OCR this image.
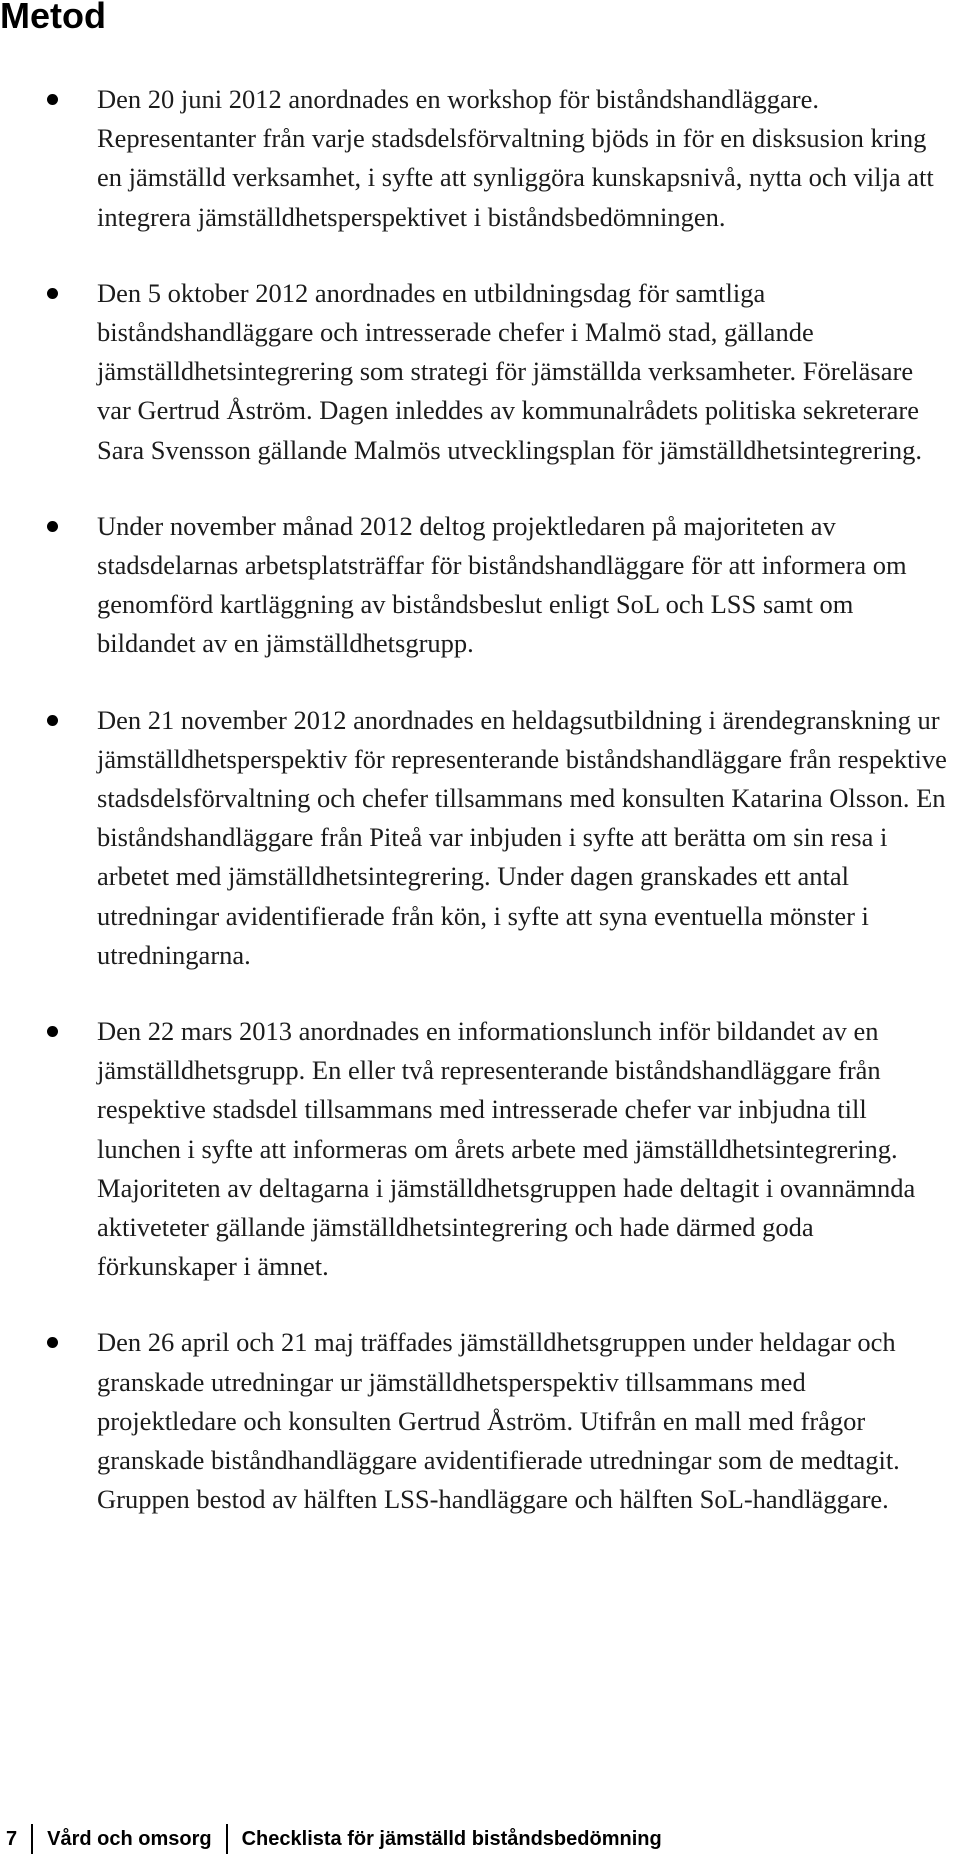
Metod
Den 20 juni 2012 anordnades en workshop för biståndshandläggare. Representanter från varje stadsdelsförvaltning bjöds in för en disksusion kring en jämställd verksamhet, i syfte att synliggöra kunskapsnivå, nytta och vilja att integrera jämställdhetsperspektivet i biståndsbedömningen.
Den 5 oktober 2012 anordnades en utbildningsdag för samtliga biståndshandläggare och intresserade chefer i Malmö stad, gällande jämställdhetsintegrering som strategi för jämställda verksamheter. Föreläsare var Gertrud Åström. Dagen inleddes av kommunalrådets politiska sekreterare Sara Svensson gällande Malmös utvecklingsplan för jämställdhetsintegrering.
Under november månad 2012 deltog projektledaren på majoriteten av stadsdelarnas arbetsplatsträffar för biståndshandläggare för att informera om genomförd kartläggning av biståndsbeslut enligt SoL och LSS samt om bildandet av en jämställdhetsgrupp.
Den 21 november 2012 anordnades en heldagsutbildning i ärendegranskning ur jämställdhetsperspektiv för representerande biståndshandläggare från respektive stadsdelsförvaltning och chefer tillsammans med konsulten Katarina Olsson. En biståndshandläggare från Piteå var inbjuden i syfte att berätta om sin resa i arbetet med jämställdhetsintegrering. Under dagen granskades ett antal utredningar avidentifierade från kön, i syfte att syna eventuella mönster i utredningarna.
Den 22 mars 2013 anordnades en informationslunch inför bildandet av en jämställdhetsgrupp. En eller två representerande biståndshandläggare från respektive stadsdel tillsammans med intresserade chefer var inbjudna till lunchen i syfte att informeras om årets arbete med jämställdhetsintegrering. Majoriteten av deltagarna i jämställdhetsgruppen hade deltagit i ovannämnda aktiveteter gällande jämställdhetsintegrering och hade därmed goda förkunskaper i ämnet.
Den 26 april och 21 maj träffades jämställdhetsgruppen under heldagar och granskade utredningar ur jämställdhetsperspektiv tillsammans med projektledare och konsulten Gertrud Åström. Utifrån en mall med frågor granskade biståndhandläggare avidentifierade utredningar som de medtagit. Gruppen bestod av hälften LSS-handläggare och hälften SoL-handläggare.
7 Vård och omsorg Checklista för jämställd biståndsbedömning
